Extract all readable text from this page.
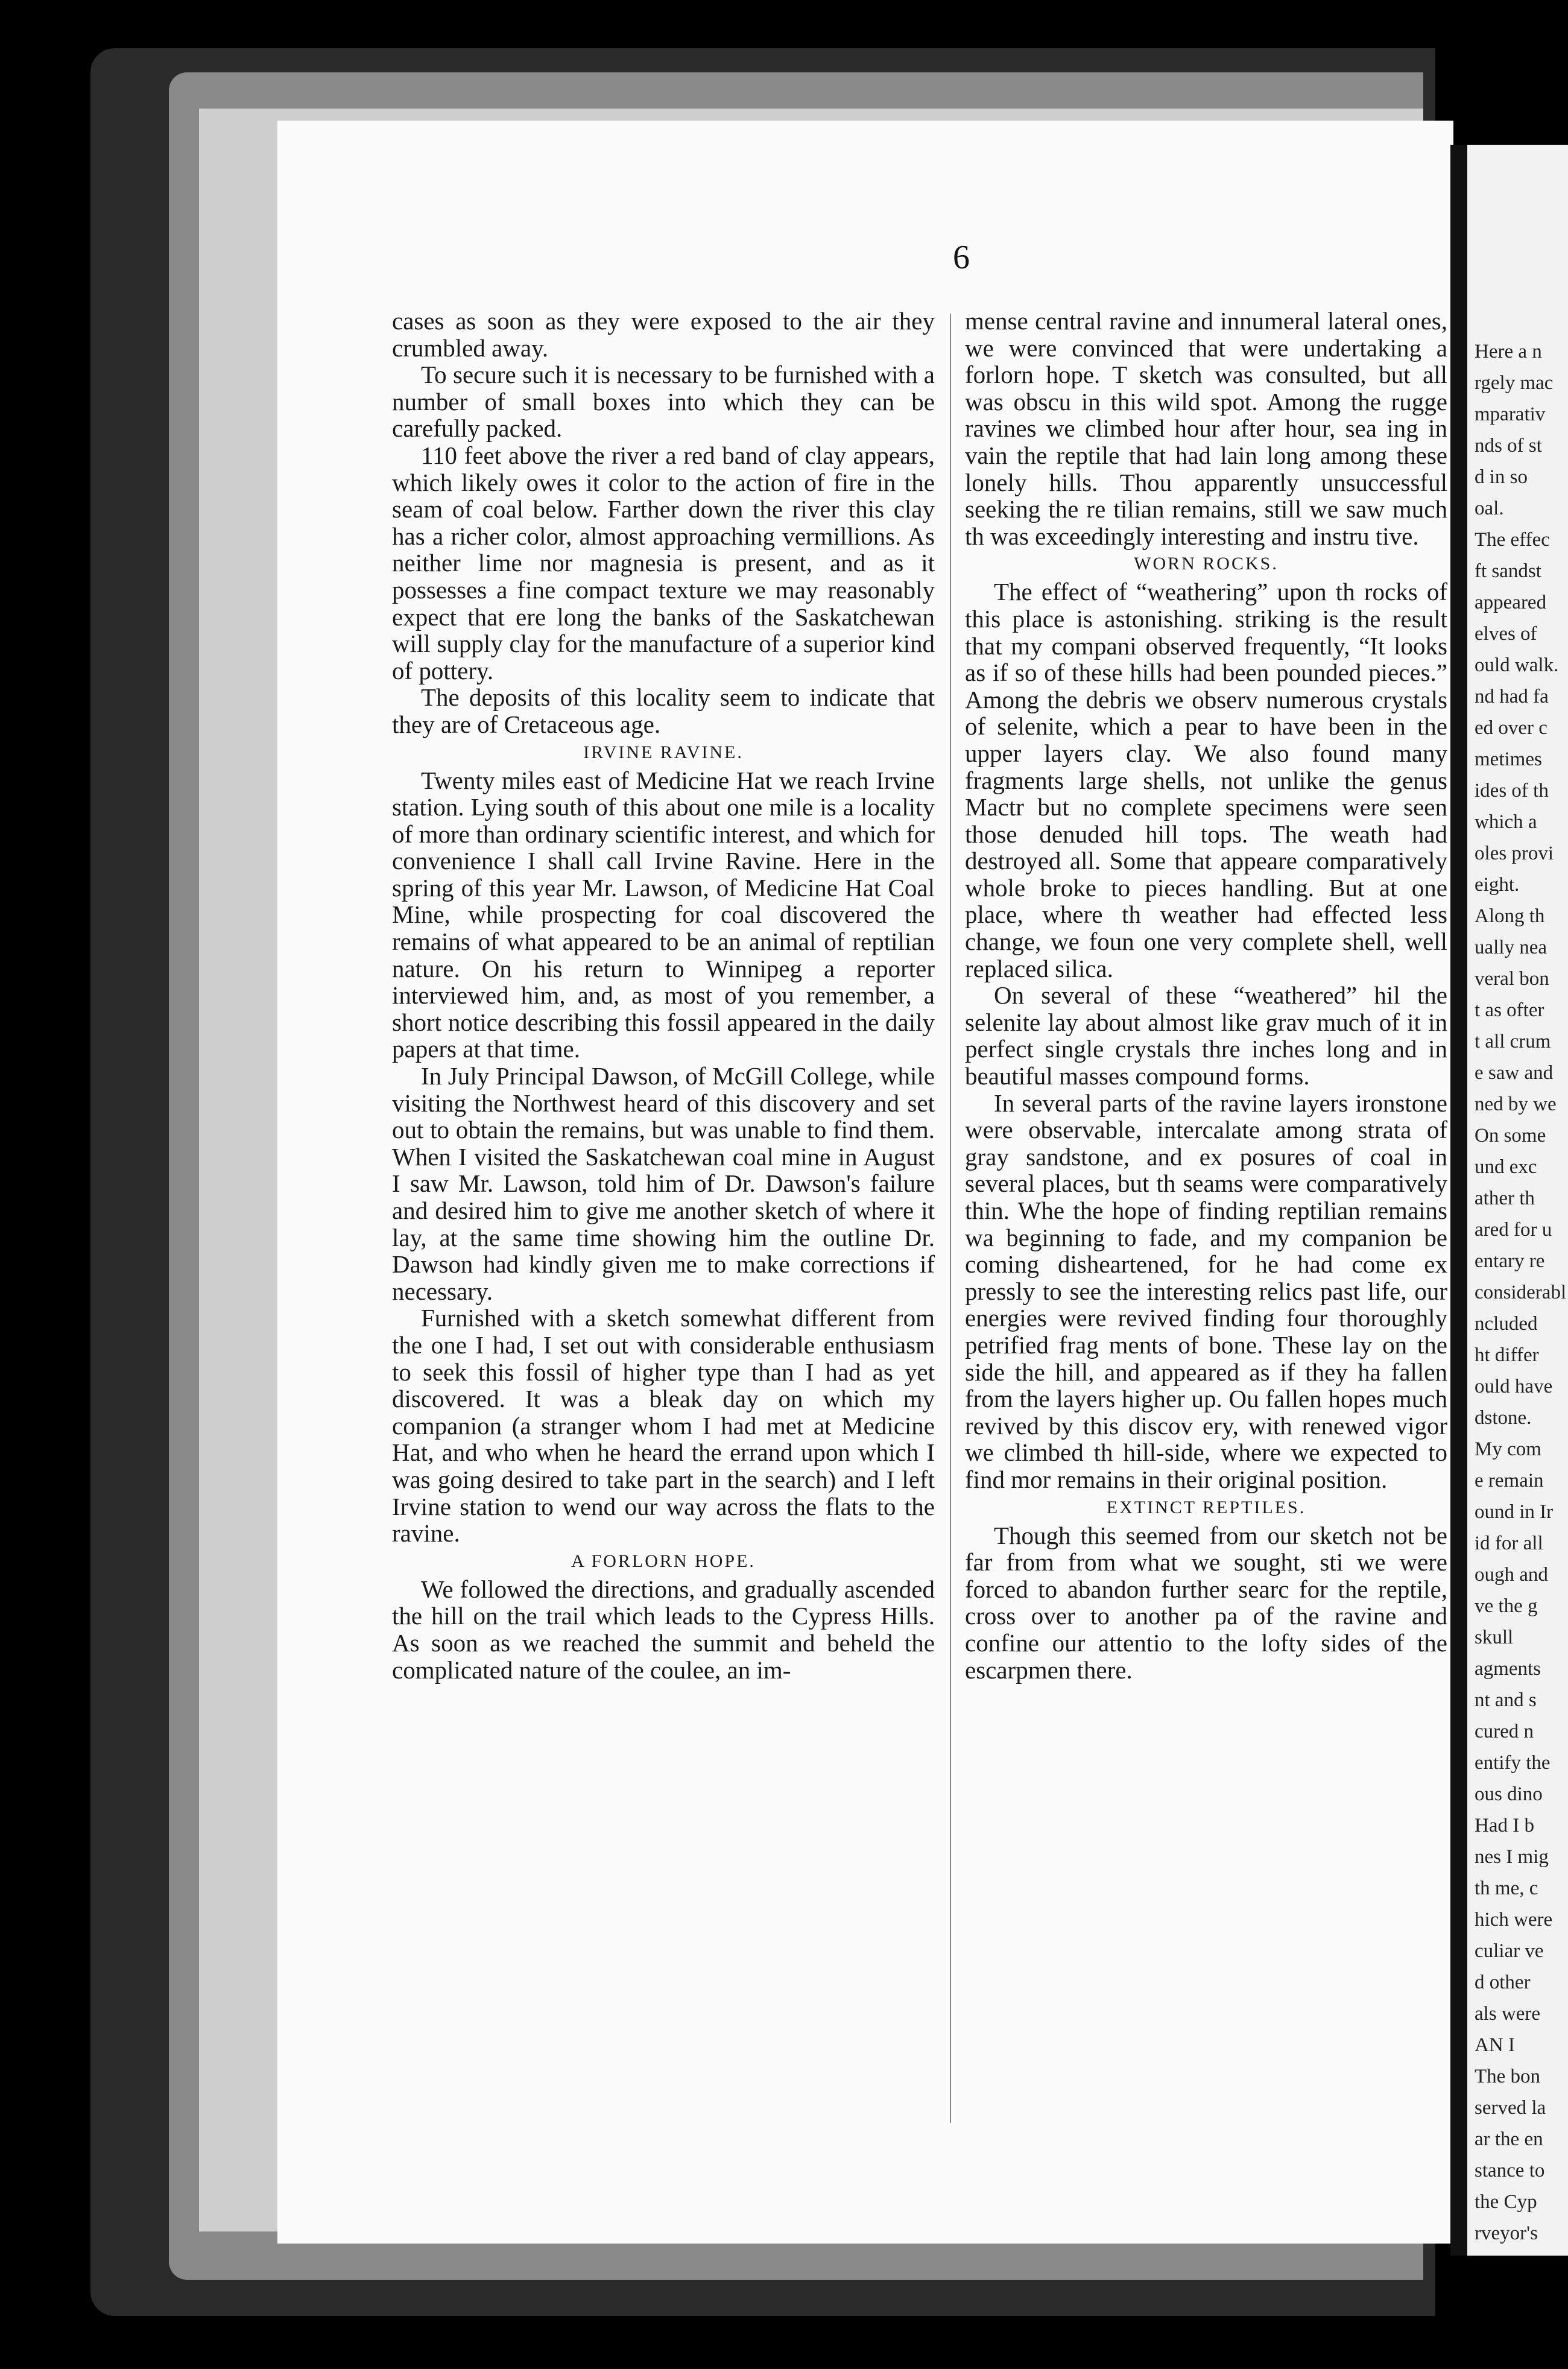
6

cases as soon as they were exposed to the air they crumbled away.

To secure such it is necessary to be furnished with a number of small boxes into which they can be carefully packed.

110 feet above the river a red band of clay appears, which likely owes it color to the action of fire in the seam of coal below. Farther down the river this clay has a richer color, almost approaching vermillions. As neither lime nor magnesia is present, and as it possesses a fine compact texture we may reasonably expect that ere long the banks of the Saskatchewan will supply clay for the manufacture of a superior kind of pottery.

The deposits of this locality seem to indicate that they are of Cretaceous age.

IRVINE RAVINE.

Twenty miles east of Medicine Hat we reach Irvine station. Lying south of this about one mile is a locality of more than ordinary scientific interest, and which for convenience I shall call Irvine Ravine. Here in the spring of this year Mr. Lawson, of Medicine Hat Coal Mine, while prospecting for coal discovered the remains of what appeared to be an animal of reptilian nature. On his return to Winnipeg a reporter interviewed him, and, as most of you remember, a short notice describing this fossil appeared in the daily papers at that time.

In July Principal Dawson, of McGill College, while visiting the Northwest heard of this discovery and set out to obtain the remains, but was unable to find them. When I visited the Saskatchewan coal mine in August I saw Mr. Lawson, told him of Dr. Dawson's failure and desired him to give me another sketch of where it lay, at the same time showing him the outline Dr. Dawson had kindly given me to make corrections if necessary.

Furnished with a sketch somewhat different from the one I had, I set out with considerable enthusiasm to seek this fossil of higher type than I had as yet discovered. It was a bleak day on which my companion (a stranger whom I had met at Medicine Hat, and who when he heard the errand upon which I was going desired to take part in the search) and I left Irvine station to wend our way across the flats to the ravine.

A FORLORN HOPE.

We followed the directions, and gradually ascended the hill on the trail which leads to the Cypress Hills. As soon as we reached the summit and beheld the complicated nature of the coulee, an im-

mense central ravine and innumeral lateral ones, we were convinced that were undertaking a forlorn hope. T sketch was consulted, but all was obscu in this wild spot. Among the rugge ravines we climbed hour after hour, sea ing in vain the reptile that had lain long among these lonely hills. Thou apparently unsuccessful seeking the re tilian remains, still we saw much th was exceedingly interesting and instru tive.

WORN ROCKS.

The effect of “weathering” upon th rocks of this place is astonishing. striking is the result that my compani observed frequently, “It looks as if so of these hills had been pounded pieces.” Among the debris we observ numerous crystals of selenite, which a pear to have been in the upper layers clay. We also found many fragments large shells, not unlike the genus Mactr but no complete specimens were seen those denuded hill tops. The weath had destroyed all. Some that appeare comparatively whole broke to pieces handling. But at one place, where th weather had effected less change, we foun one very complete shell, well replaced silica.

On several of these “weathered” hil the selenite lay about almost like grav much of it in perfect single crystals thre inches long and in beautiful masses compound forms.

In several parts of the ravine layers ironstone were observable, intercalate among strata of gray sandstone, and ex posures of coal in several places, but th seams were comparatively thin. Whe the hope of finding reptilian remains wa beginning to fade, and my companion be coming disheartened, for he had come ex pressly to see the interesting relics past life, our energies were revived finding four thoroughly petrified frag ments of bone. These lay on the side the hill, and appeared as if they ha fallen from the layers higher up. Ou fallen hopes much revived by this discov ery, with renewed vigor we climbed th hill-side, where we expected to find mor remains in their original position.

EXTINCT REPTILES.

Though this seemed from our sketch not be far from from what we sought, sti we were forced to abandon further searc for the reptile, cross over to another pa of the ravine and confine our attentio to the lofty sides of the escarpmen there.

Here a n
rgely mac
mparativ
nds of st
d in so
oal.
The effec
ft sandst
appeared
elves of
ould walk.
nd had fa
ed over c
metimes
ides of th
which a
oles provi
eight.
Along th
ually nea
veral bon
t as ofter
t all crum
e saw and
ned by we
On some
und exc
ather th
ared for u
entary re
considerabl
ncluded
ht differ
ould have
dstone.
My com
e remain
ound in Ir
id for all
ough and
ve the g
skull
agments
nt and s
cured n
entify the
ous dino
Had I b
nes I mig
th me, c
hich were
culiar ve
d other
als were
AN I
The bon
served la
ar the en
stance to
the Cyp
rveyor's
